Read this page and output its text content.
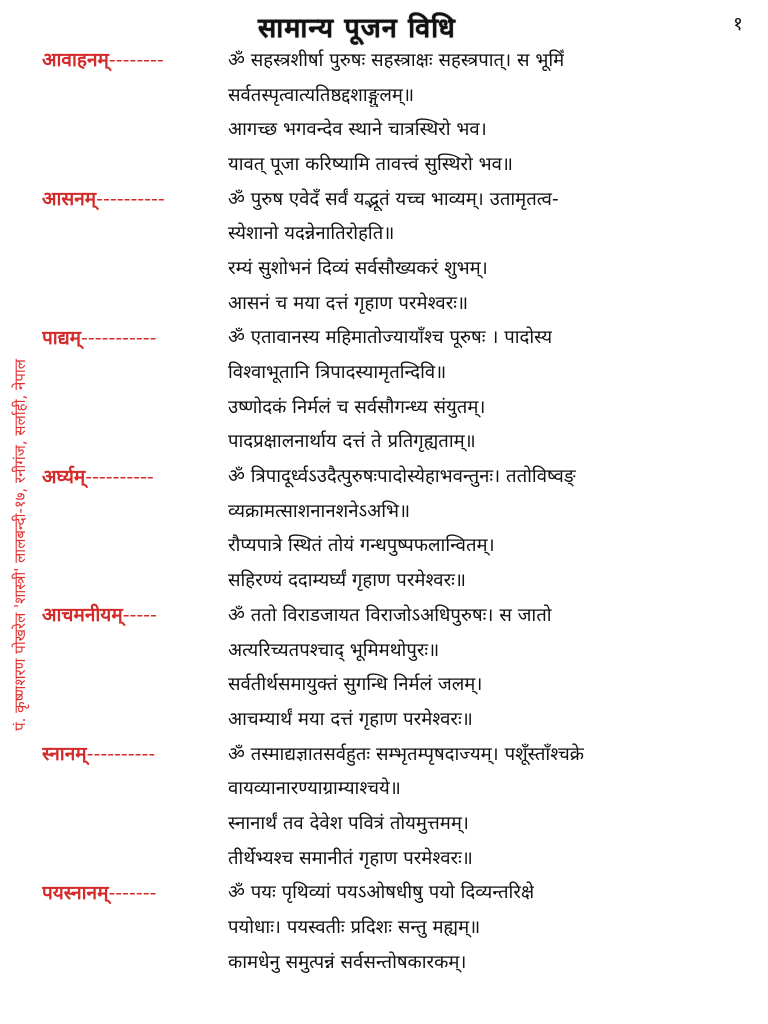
सामान्य पूजन विधि	१
पं. कृष्णशरण पोखरेल 'शास्त्री' लालबन्दी-१७, रनीगंज, सर्लाही, नेपाल
आवाहनम्--------	ॐ सहस्त्रशीर्षा पुरुषः सहस्त्राक्षः सहस्त्रपात्। स भूमिँ
सर्वतस्पृत्वात्यतिष्ठद्दशाङ्गुलम्॥
आगच्छ भगवन्देव स्थाने चात्रस्थिरो भव।
यावत् पूजा करिष्यामि तावत्त्वं सुस्थिरो भव॥
आसनम्----------	ॐ पुरुष एवेदँ सर्वं यद्भूतं यच्च भाव्यम्। उतामृतत्व-
स्येशानो यदन्नेनातिरोहति॥
रम्यं सुशोभनं दिव्यं सर्वसौख्यकरं शुभम्।
आसनं च मया दत्तं गृहाण परमेश्वरः॥
पाद्यम्-----------	ॐ एतावानस्य महिमातोज्यायाँश्च पूरुषः । पादोस्य
विश्वाभूतानि त्रिपादस्यामृतन्दिवि॥
उष्णोदकं निर्मलं च सर्वसौगन्ध्य संयुतम्।
पादप्रक्षालनार्थाय दत्तं ते प्रतिगृह्यताम्॥
अर्घ्यम्----------	ॐ त्रिपादूर्ध्वऽउदैत्पुरुषःपादोस्येहाभवन्तुनः। ततोविष्वङ्
व्यक्रामत्साशनानशनेऽअभि॥
रौप्यपात्रे स्थितं तोयं गन्धपुष्पफलान्वितम्।
सहिरण्यं ददाम्यर्घ्यं गृहाण परमेश्वरः॥
आचमनीयम्-----	ॐ ततो विराडजायत विराजोऽअधिपुरुषः। स जातो
अत्यरिच्यतपश्चाद् भूमिमथोपुरः॥
सर्वतीर्थसमायुक्तं सुगन्धि निर्मलं जलम्।
आचम्यार्थं मया दत्तं गृहाण परमेश्वरः॥
स्नानम्----------	ॐ तस्माद्यज्ञातसर्वहुतः सम्भृतम्पृषदाज्यम्। पशूँस्ताँश्चक्रे
वायव्यानारण्याग्राम्याश्चये॥
स्नानार्थं तव देवेश पवित्रं तोयमुत्तमम्।
तीर्थेभ्यश्च समानीतं गृहाण परमेश्वरः॥
पयस्नानम्-------	ॐ पयः पृथिव्यां पयऽओषधीषु पयो दिव्यन्तरिक्षे
पयोधाः। पयस्वतीः प्रदिशः सन्तु मह्यम्॥
कामधेनु समुत्पन्नं सर्वसन्तोषकारकम्।
